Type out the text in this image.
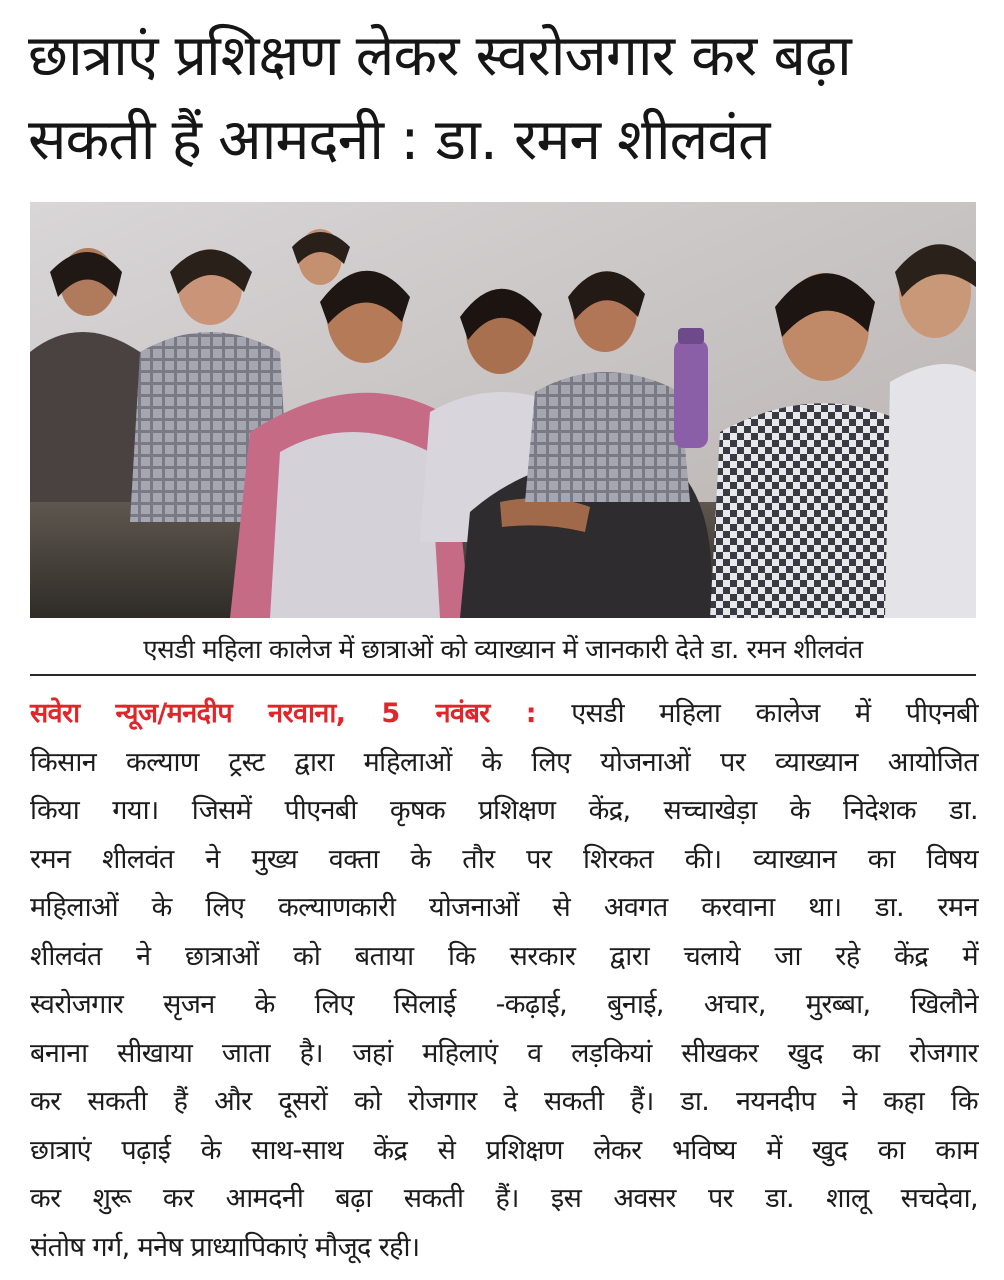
छात्राएं प्रशिक्षण लेकर स्वरोजगार कर बढ़ा
सकती हैं आमदनी : डा. रमन शीलवंत
एसडी महिला कालेज में छात्राओं को व्याख्यान में जानकारी देते डा. रमन शीलवंत
सवेरा न्यूज/मनदीप नरवाना, 5 नवंबर : एसडी महिला कालेज में पीएनबी
किसान कल्याण ट्रस्ट द्वारा महिलाओं के लिए योजनाओं पर व्याख्यान आयोजित
किया गया। जिसमें पीएनबी कृषक प्रशिक्षण केंद्र, सच्चाखेड़ा के निदेशक डा.
रमन शीलवंत ने मुख्य वक्ता के तौर पर शिरकत की। व्याख्यान का विषय
महिलाओं के लिए कल्याणकारी योजनाओं से अवगत करवाना था। डा. रमन
शीलवंत ने छात्राओं को बताया कि सरकार द्वारा चलाये जा रहे केंद्र में
स्वरोजगार सृजन के लिए सिलाई -कढ़ाई, बुनाई, अचार, मुरब्बा, खिलौने
बनाना सीखाया जाता है। जहां महिलाएं व लड़कियां सीखकर खुद का रोजगार
कर सकती हैं और दूसरों को रोजगार दे सकती हैं। डा. नयनदीप ने कहा कि
छात्राएं पढ़ाई के साथ-साथ केंद्र से प्रशिक्षण लेकर भविष्य में खुद का काम
कर शुरू कर आमदनी बढ़ा सकती हैं। इस अवसर पर डा. शालू सचदेवा,
संतोष गर्ग, मनेष प्राध्यापिकाएं मौजूद रही।
